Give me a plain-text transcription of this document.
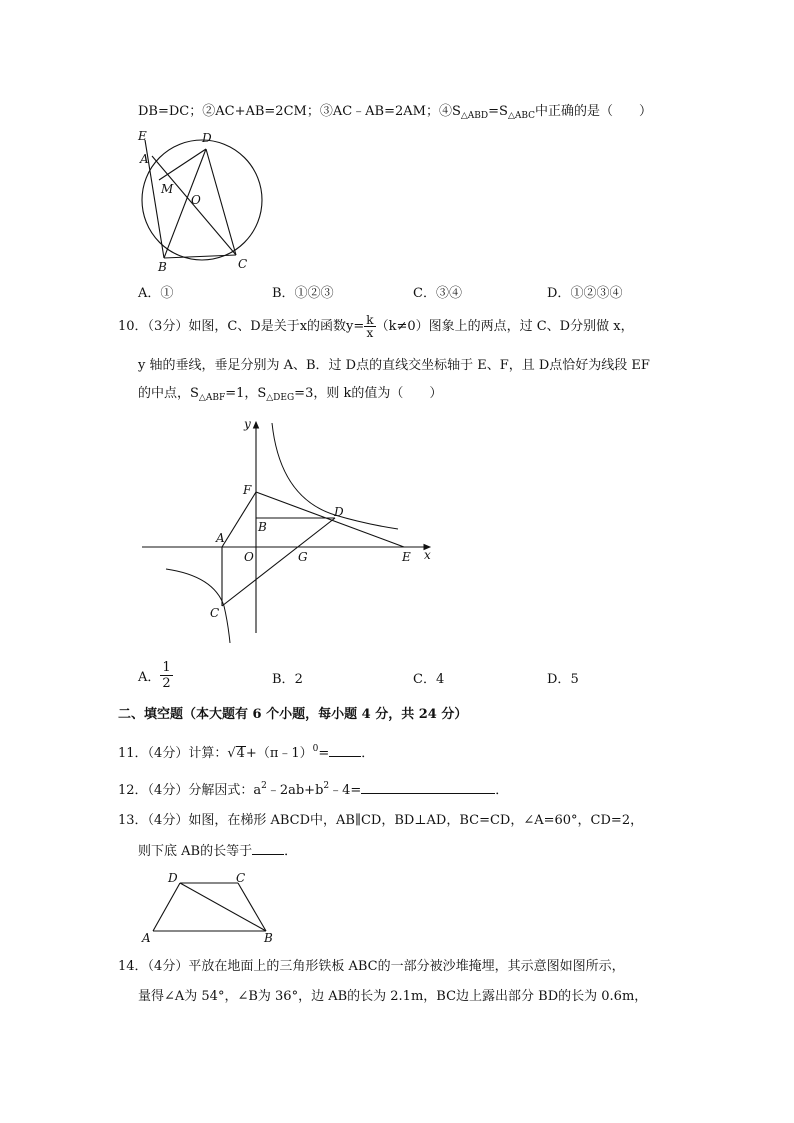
DB=DC；②AC+AB=2CM；③AC﹣AB=2AM；$④S_{\triangle ABD}=S_{\triangle ABC}$中正确的是（　　）
E	D
A
M
O
B	C
A．①	B．①②③	C．③④	D．①②③④
10．（3分）如图，C、D是关于x的函数$y= \frac{k}{x} (k\ne 0)$图象上的两点，过 C、D分别做 x，
y 轴的垂线，垂足分别为 A、B．过 D点的直线交坐标轴于 E、F，且 D点恰好为线段 EF
的中点，$S_{\triangle ABF}=1$，$S_{\triangle DEG}=3$，则 k的值为（　　）
y
x
F
D
B
A
O	G	E
C
A． $\frac{1}{2}$	B．2	C．4	D．5
二、填空题（本大题有 6 个小题，每小题 4 分，共 24 分）
11．（4分）计算：√4+（π﹣1）$^0$= ．
12．（4分）分解因式：$a^2﹣2ab+b^2﹣4=$	．
13．（4分）如图，在梯形 ABCD中，AB∥CD，BD⊥AD，BC=CD，∠A=60°，CD=2，
则下底 AB的长等于 ．
D	C
A	B
14．（4分）平放在地面上的三角形铁板 ABC的一部分被沙堆掩埋，其示意图如图所示，
量得∠A为 54°，∠B为 36°，边 AB的长为 2.1m，BC边上露出部分 BD的长为 0.6m，
